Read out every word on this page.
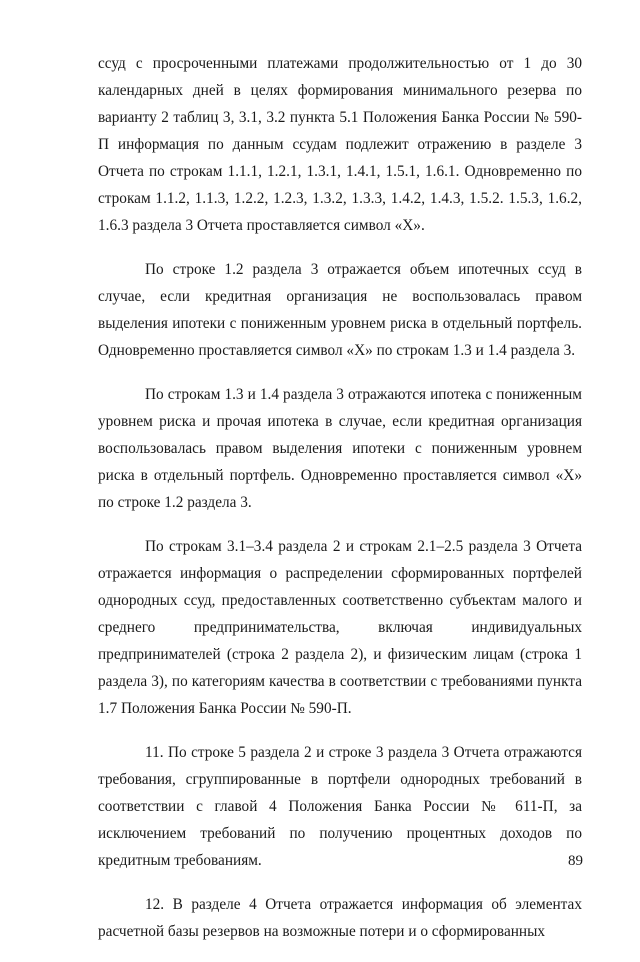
ссуд с просроченными платежами продолжительностью от 1 до 30 календарных дней в целях формирования минимального резерва по варианту 2 таблиц 3, 3.1, 3.2 пункта 5.1 Положения Банка России № 590-П информация по данным ссудам подлежит отражению в разделе 3 Отчета по строкам 1.1.1, 1.2.1, 1.3.1, 1.4.1, 1.5.1, 1.6.1. Одновременно по строкам 1.1.2, 1.1.3, 1.2.2, 1.2.3, 1.3.2, 1.3.3, 1.4.2, 1.4.3, 1.5.2. 1.5.3, 1.6.2, 1.6.3 раздела 3 Отчета проставляется символ «Х».

По строке 1.2 раздела 3 отражается объем ипотечных ссуд в случае, если кредитная организация не воспользовалась правом выделения ипотеки с пониженным уровнем риска в отдельный портфель. Одновременно проставляется символ «Х» по строкам 1.3 и 1.4 раздела 3.

По строкам 1.3 и 1.4 раздела 3 отражаются ипотека с пониженным уровнем риска и прочая ипотека в случае, если кредитная организация воспользовалась правом выделения ипотеки с пониженным уровнем риска в отдельный портфель. Одновременно проставляется символ «Х» по строке 1.2 раздела 3.

По строкам 3.1–3.4 раздела 2 и строкам 2.1–2.5 раздела 3 Отчета отражается информация о распределении сформированных портфелей однородных ссуд, предоставленных соответственно субъектам малого и среднего предпринимательства, включая индивидуальных предпринимателей (строка 2 раздела 2), и физическим лицам (строка 1 раздела 3), по категориям качества в соответствии с требованиями пункта 1.7 Положения Банка России № 590-П.

11. По строке 5 раздела 2 и строке 3 раздела 3 Отчета отражаются требования, сгруппированные в портфели однородных требований в соответствии с главой 4 Положения Банка России № 611-П, за исключением требований по получению процентных доходов по кредитным требованиям.

12. В разделе 4 Отчета отражается информация об элементах расчетной базы резервов на возможные потери и о сформированных

89
